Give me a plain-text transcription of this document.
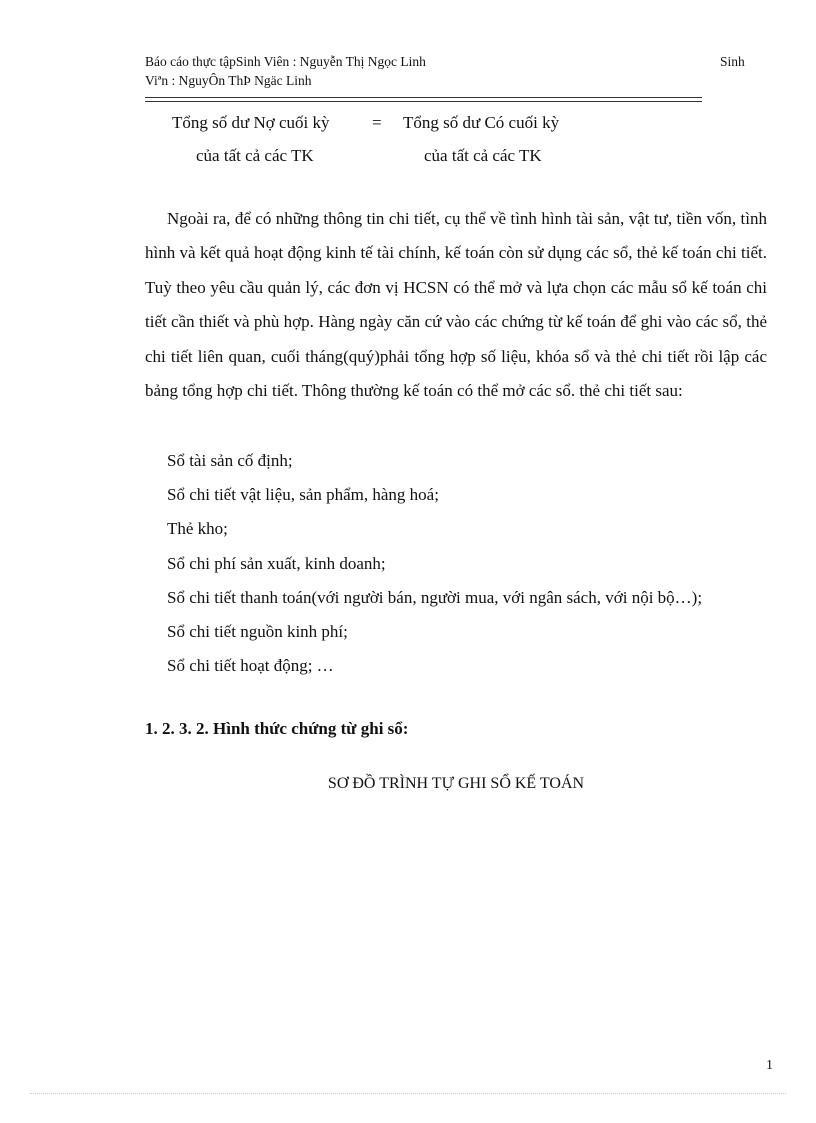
Báo cáo thực tậpSinh Viên : Nguyễn Thị Ngọc Linh	Sinh
Viªn : NguyÔn ThÞ Ngäc Linh
Tổng số dư Nợ cuối kỳ	= Tổng số dư Có cuối kỳ
của tất cả các TK	của tất cả các TK

Ngoài ra, để có những thông tin chi tiết, cụ thể về tình hình tài sản, vật tư, tiền vốn, tình hình và kết quả hoạt động kinh tế tài chính, kế toán còn sử dụng các sổ, thẻ kế toán chi tiết. Tuỳ theo yêu cầu quản lý, các đơn vị HCSN có thể mở và lựa chọn các mẫu sổ kế toán chi tiết cần thiết và phù hợp. Hàng ngày căn cứ vào các chứng từ kế toán để ghi vào các sổ, thẻ chi tiết liên quan, cuối tháng(quý)phải tổng hợp số liệu, khóa sổ và thẻ chi tiết rồi lập các bảng tổng hợp chi tiết. Thông thường kế toán có thể mở các sổ. thẻ chi tiết sau:

Sổ tài sản cố định;
Sổ chi tiết vật liệu, sản phẩm, hàng hoá;
Thẻ kho;
Sổ chi phí sản xuất, kinh doanh;
Sổ chi tiết thanh toán(với người bán, người mua, với ngân sách, với nội bộ…);
Sổ chi tiết nguồn kinh phí;
Sổ chi tiết hoạt động; …
1. 2. 3. 2. Hình thức chứng từ ghi sổ:
SƠ ĐỒ TRÌNH TỰ GHI SỔ KẾ TOÁN
1
